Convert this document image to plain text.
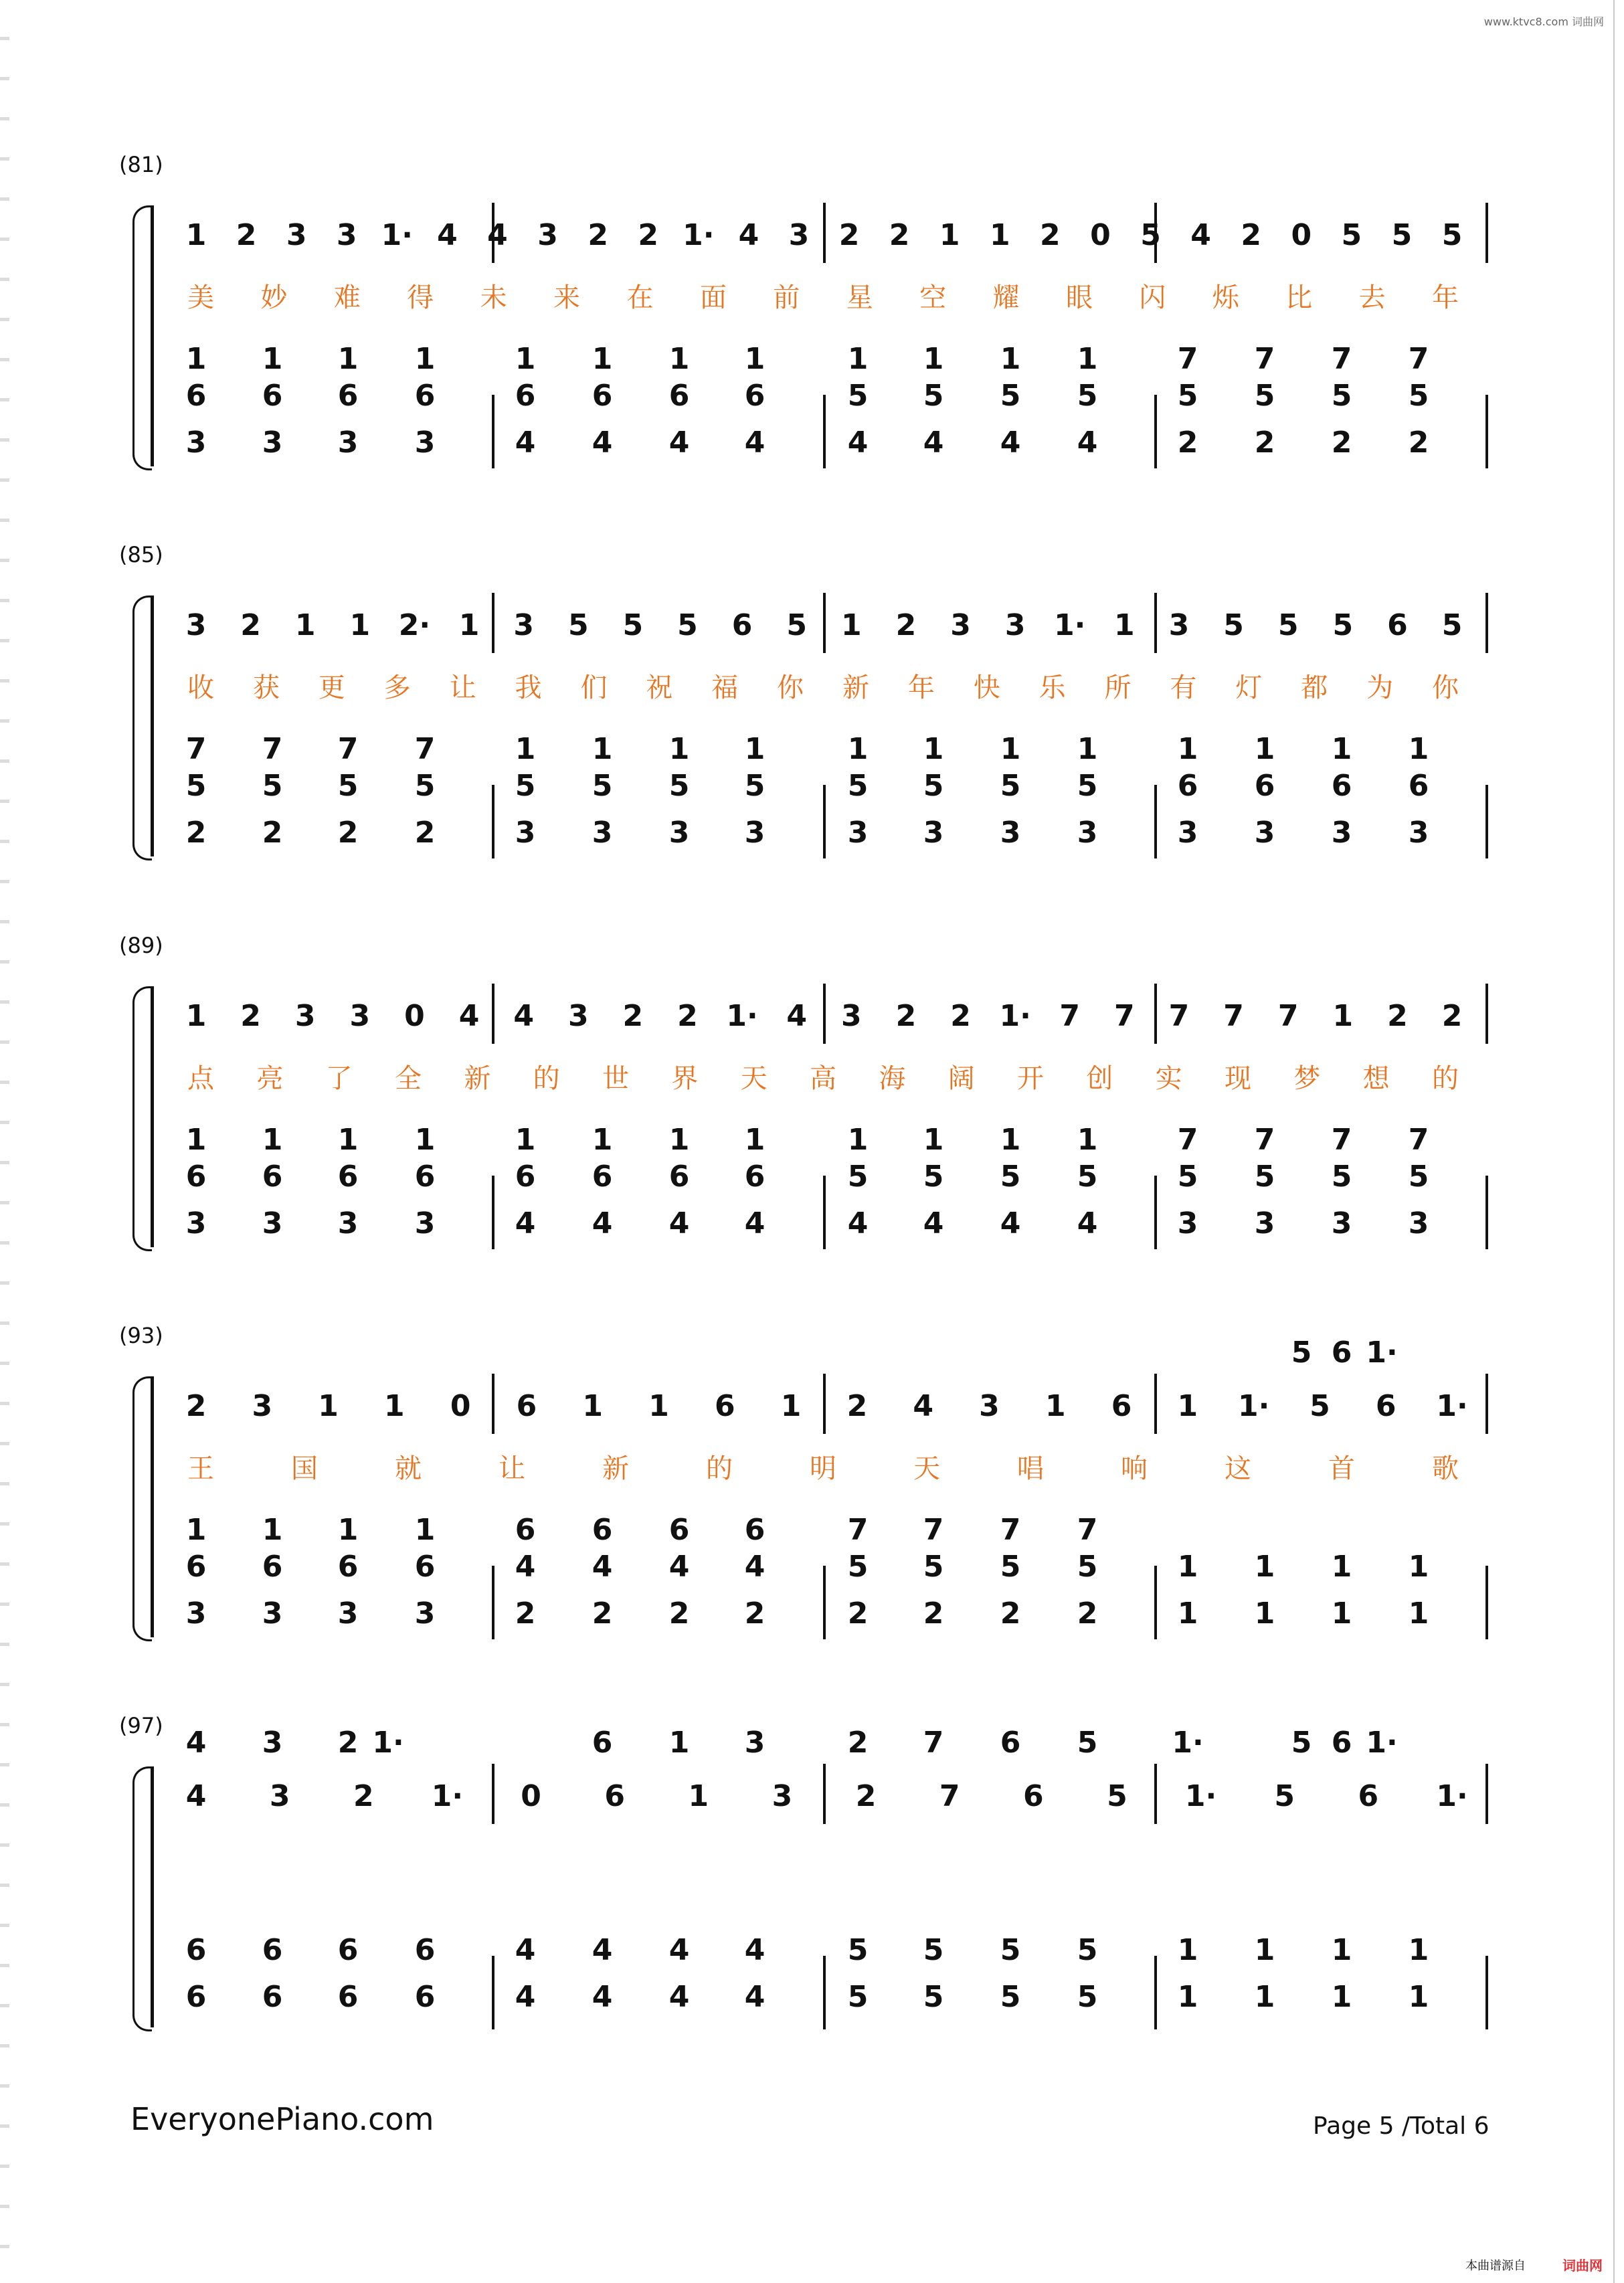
www.ktvc8.com 词曲网
(81)
1 2 3 3 1· 4 4 3 2 2 1· 4 3 2 2 1 1 2 0 5 4 2 0 5 5 5
美 妙 难 得 未 来 在 面 前 星 空 耀 眼 闪 烁 比 去 年
1 1 1 1	1 1 1 1	1 1 1 1	7 7 7 7
6 6 6 6	6 6 6 6	5 5 5 5	5 5 5 5
3 3 3 3	4 4 4 4	4 4 4 4	2 2 2 2
(85)
3 2 1 1 2· 1 3 5 5 5 6 5 1 2 3 3 1· 1 3 5 5 5 6 5
收 获 更 多 让 我 们 祝 福 你 新 年 快 乐 所 有 灯 都 为 你
7 7 7 7	1 1 1 1	1 1 1 1	1 1 1 1
5 5 5 5	5 5 5 5	5 5 5 5	6 6 6 6
2 2 2 2	3 3 3 3	3 3 3 3	3 3 3 3
(89)
1 2 3 3 0 4 4 3 2 2 1· 4 3 2 2 1· 7 7 7 7 7 1 2 2
点 亮 了 全 新 的 世 界 天 高 海 阔 开 创 实 现 梦 想 的
1 1 1 1	1 1 1 1	1 1 1 1	7 7 7 7
6 6 6 6	6 6 6 6	5 5 5 5	5 5 5 5
3 3 3 3	4 4 4 4	4 4 4 4	3 3 3 3
(93)	5 6 1·
2 3 1 1 0 6 1 1 6 1 2 4 3 1 6 1 1· 5 6 1·
王	国	就	让	新	的	明	天	唱	响	这	首	歌
1 1 1 1	6 6 6 6	7 7 7 7
6 6 6 6	4 4 4 4	5 5 5 5	1 1 1 1
3 3 3 3	2 2 2 2	2 2 2 2	1 1 1 1
(97) 4 3 2 1·	6 1 3	2 7 6 5	1·	5 6 1·
4 3 2 1· 0 6 1 3 2 7 6 5 1· 5 6 1·
6 6 6 6	4 4 4 4	5 5 5 5	1 1 1 1
6 6 6 6	4 4 4 4	5 5 5 5	1 1 1 1
EveryonePiano.com	Page 5 /Total 6
本曲谱源自	词曲网
